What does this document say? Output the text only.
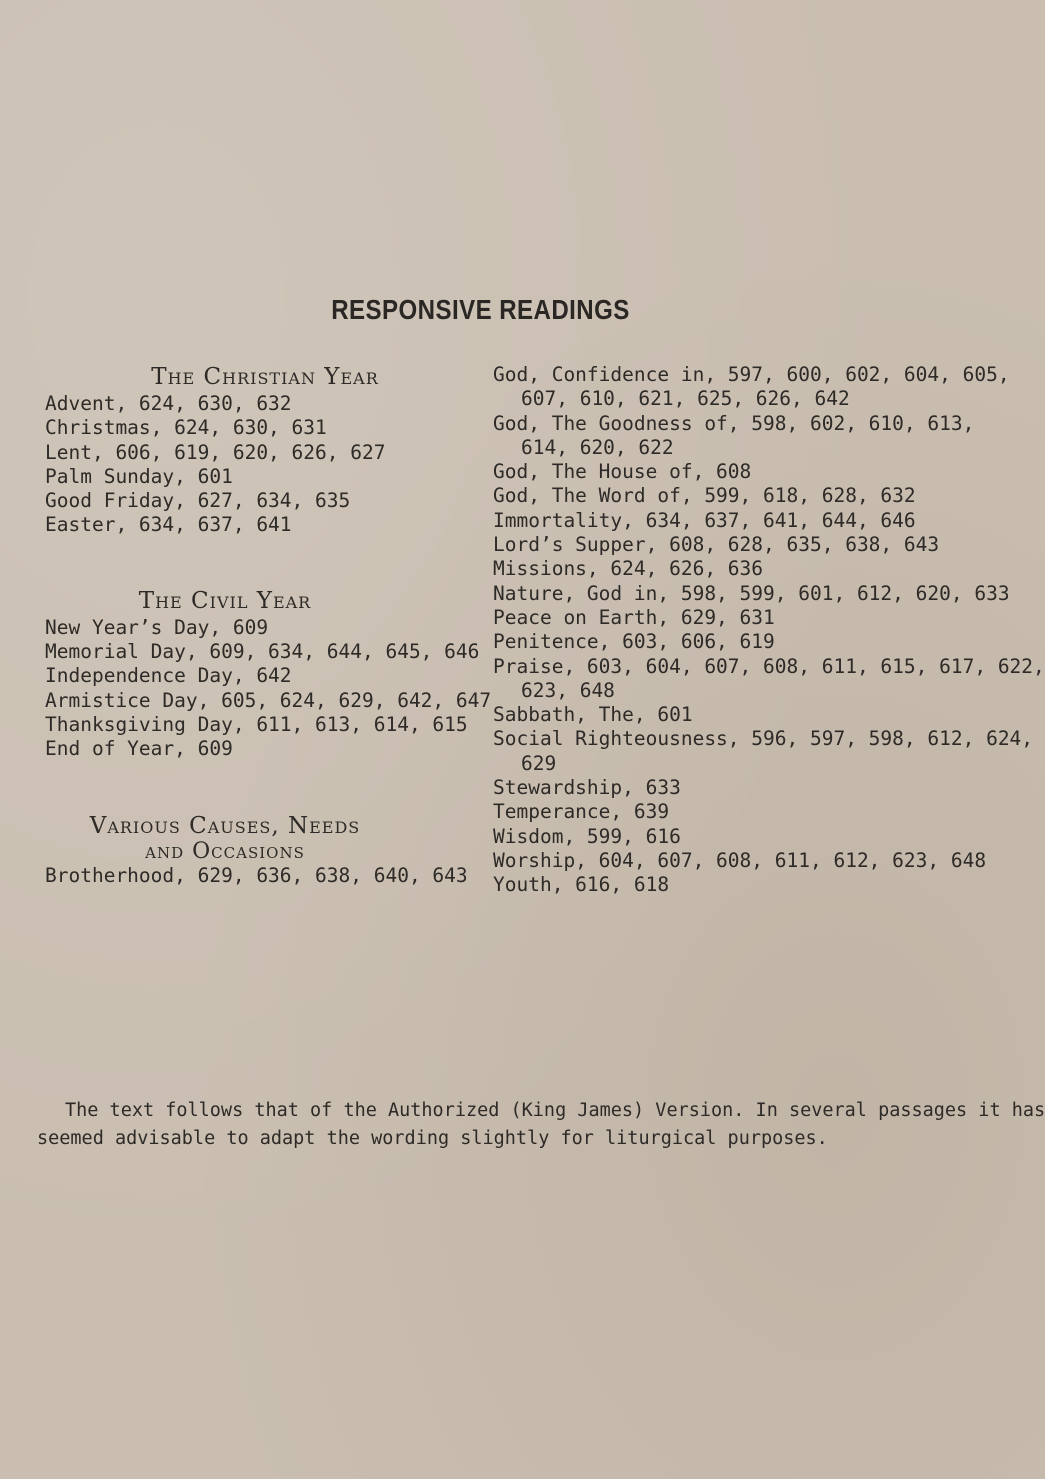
RESPONSIVE READINGS
The Christian Year
Advent, 624, 630, 632
Christmas, 624, 630, 631
Lent, 606, 619, 620, 626, 627
Palm Sunday, 601
Good Friday, 627, 634, 635
Easter, 634, 637, 641
The Civil Year
New Year’s Day, 609
Memorial Day, 609, 634, 644, 645, 646
Independence Day, 642
Armistice Day, 605, 624, 629, 642, 647
Thanksgiving Day, 611, 613, 614, 615
End of Year, 609
Various Causes, Needs
and Occasions
Brotherhood, 629, 636, 638, 640, 643
God, Confidence in, 597, 600, 602, 604, 605,
607, 610, 621, 625, 626, 642
God, The Goodness of, 598, 602, 610, 613,
614, 620, 622
God, The House of, 608
God, The Word of, 599, 618, 628, 632
Immortality, 634, 637, 641, 644, 646
Lord’s Supper, 608, 628, 635, 638, 643
Missions, 624, 626, 636
Nature, God in, 598, 599, 601, 612, 620, 633
Peace on Earth, 629, 631
Penitence, 603, 606, 619
Praise, 603, 604, 607, 608, 611, 615, 617, 622,
623, 648
Sabbath, The, 601
Social Righteousness, 596, 597, 598, 612, 624,
629
Stewardship, 633
Temperance, 639
Wisdom, 599, 616
Worship, 604, 607, 608, 611, 612, 623, 648
Youth, 616, 618

The text follows that of the Authorized (King James) Version. In several passages it has

seemed advisable to adapt the wording slightly for liturgical purposes.
